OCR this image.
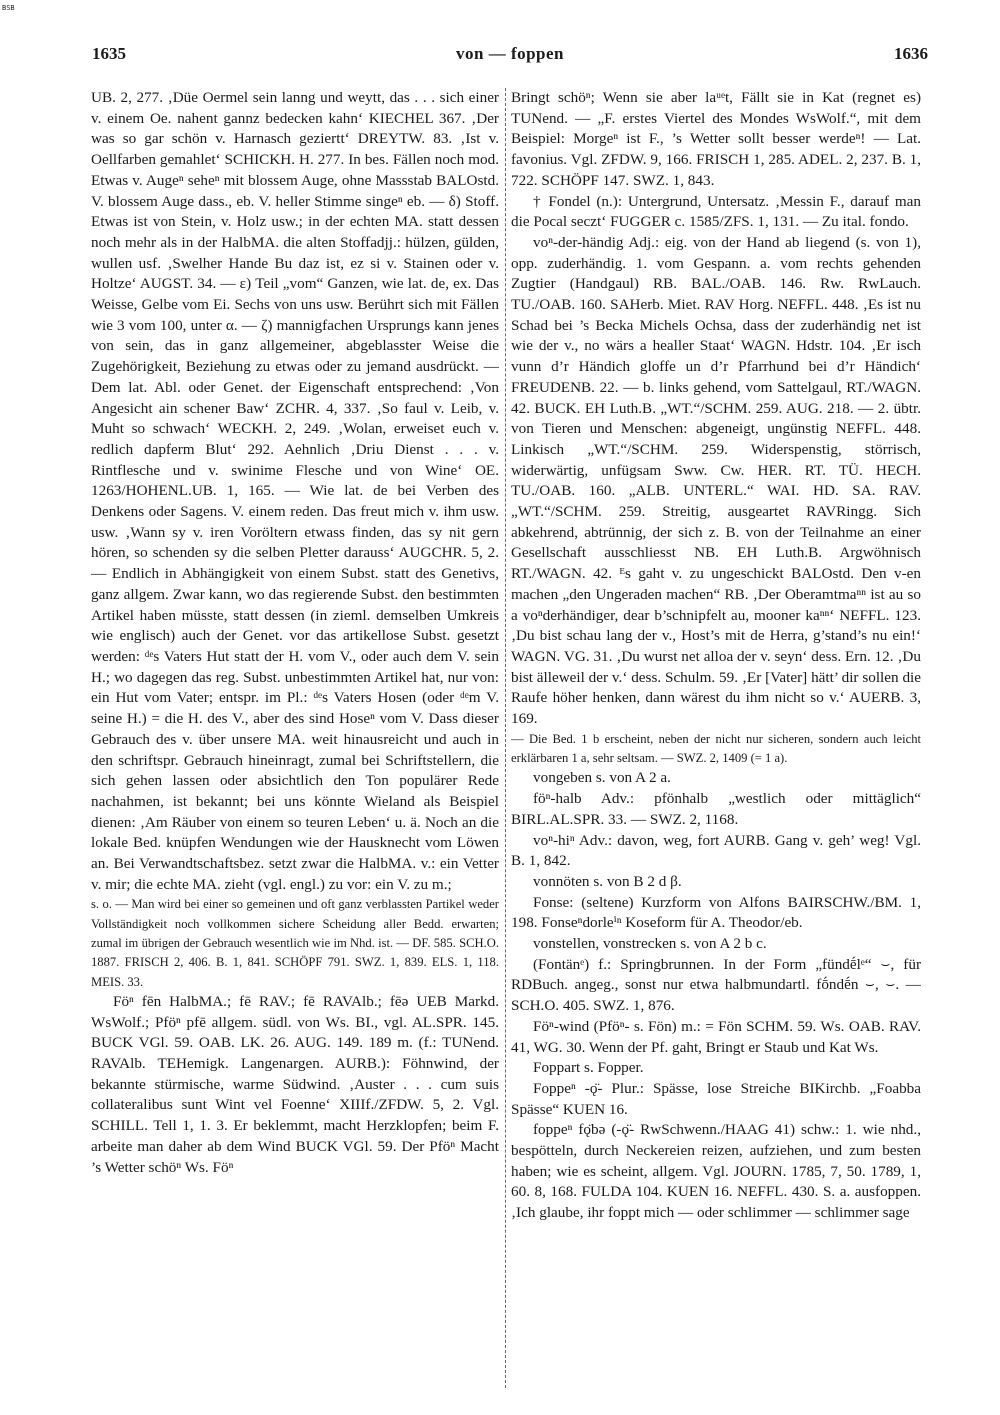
BSB
1635	von — foppen	1636

UB. 2, 277. ‚Düe Oermel sein lanng und weytt, das . . . sich einer v. einem Oe. nahent gannz bedecken kahn‘ KIECHEL 367. ‚Der was so gar schön v. Harnasch geziertt‘ DREYTW. 83. ‚Ist v. Oellfarben gemahlet‘ SCHICKH. H. 277. In bes. Fällen noch mod. Etwas v. Augeⁿ seheⁿ mit blossem Auge, ohne Massstab BALOstd. V. blossem Auge dass., eb. V. heller Stimme singeⁿ eb. — δ) Stoff. Etwas ist von Stein, v. Holz usw.; in der echten MA. statt dessen noch mehr als in der HalbMA. die alten Stoffadjj.: hülzen, gülden, wullen usf. ‚Swelher Hande Bu daz ist, ez si v. Stainen oder v. Holtze‘ AUGST. 34. — ε) Teil „vom“ Ganzen, wie lat. de, ex. Das Weisse, Gelbe vom Ei. Sechs von uns usw. Berührt sich mit Fällen wie 3 vom 100, unter α. — ζ) mannigfachen Ursprungs kann jenes von sein, das in ganz allgemeiner, abgeblasster Weise die Zugehörigkeit, Beziehung zu etwas oder zu jemand ausdrückt. — Dem lat. Abl. oder Genet. der Eigenschaft entsprechend: ‚Von Angesicht ain schener Baw‘ ZCHR. 4, 337. ‚So faul v. Leib, v. Muht so schwach‘ WECKH. 2, 249. ‚Wolan, erweiset euch v. redlich dapferm Blut‘ 292. Aehnlich ‚Driu Dienst . . . v. Rintflesche und v. swinime Flesche und von Wine‘ OE. 1263/HOHENL.UB. 1, 165. — Wie lat. de bei Verben des Denkens oder Sagens. V. einem reden. Das freut mich v. ihm usw. usw. ‚Wann sy v. iren Voröltern etwass finden, das sy nit gern hören, so schenden sy die selben Pletter darauss‘ AUGCHR. 5, 2. — Endlich in Abhängigkeit von einem Subst. statt des Genetivs, ganz allgem. Zwar kann, wo das regierende Subst. den bestimmten Artikel haben müsste, statt dessen (in zieml. demselben Umkreis wie englisch) auch der Genet. vor das artikellose Subst. gesetzt werden: ᵈᵉs Vaters Hut statt der H. vom V., oder auch dem V. sein H.; wo dagegen das reg. Subst. unbestimmten Artikel hat, nur von: ein Hut vom Vater; entspr. im Pl.: ᵈᵉs Vaters Hosen (oder ᵈᵉm V. seine H.) = die H. des V., aber des sind Hoseⁿ vom V. Dass dieser Gebrauch des v. über unsere MA. weit hinausreicht und auch in den schriftspr. Gebrauch hineinragt, zumal bei Schriftstellern, die sich gehen lassen oder absichtlich den Ton populärer Rede nachahmen, ist bekannt; bei uns könnte Wieland als Beispiel dienen: ‚Am Räuber von einem so teuren Leben‘ u. ä. Noch an die lokale Bed. knüpfen Wendungen wie der Hausknecht vom Löwen an. Bei Verwandtschaftsbez. setzt zwar die HalbMA. v.: ein Vetter v. mir; die echte MA. zieht (vgl. engl.) zu vor: ein V. zu m.;

s. o. — Man wird bei einer so gemeinen und oft ganz verblassten Partikel weder Vollständigkeit noch vollkommen sichere Scheidung aller Bedd. erwarten; zumal im übrigen der Gebrauch wesentlich wie im Nhd. ist. — DF. 585. SCH.O. 1887. FRISCH 2, 406. B. 1, 841. SCHÖPF 791. SWZ. 1, 839. ELS. 1, 118. MEIS. 33.

Föⁿ fēn HalbMA.; fē RAV.; fē RAVAlb.; fēə UEB Markd. WsWolf.; Pföⁿ pfē allgem. südl. von Ws. BI., vgl. AL.SPR. 145. BUCK VGl. 59. OAB. LK. 26. AUG. 149. 189 m. (f.: TUNend. RAVAlb. TEHemigk. Langenargen. AURB.): Föhnwind, der bekannte stürmische, warme Südwind. ‚Auster . . . cum suis collateralibus sunt Wint vel Foenne‘ XIIIf./ZFDW. 5, 2. Vgl. SCHILL. Tell 1, 1. 3. Er beklemmt, macht Herzklopfen; beim F. arbeite man daher ab dem Wind BUCK VGl. 59. Der Pföⁿ Macht ’s Wetter schöⁿ Ws. Föⁿ

Bringt schöⁿ; Wenn sie aber laᵘᵉt, Fällt sie in Kat (regnet es) TUNend. — „F. erstes Viertel des Mondes WsWolf.“, mit dem Beispiel: Morgeⁿ ist F., ’s Wetter sollt besser werdeⁿ! — Lat. favonius. Vgl. ZFDW. 9, 166. FRISCH 1, 285. ADEL. 2, 237. B. 1, 722. SCHÖPF 147. SWZ. 1, 843.

† Fondel (n.): Untergrund, Untersatz. ‚Messin F., darauf man die Pocal seczt‘ FUGGER c. 1585/ZFS. 1, 131. — Zu ital. fondo.

voⁿ-der-händig Adj.: eig. von der Hand ab liegend (s. von 1), opp. zuderhändig. 1. vom Gespann. a. vom rechts gehenden Zugtier (Handgaul) RB. BAL./OAB. 146. Rw. RwLauch. TU./OAB. 160. SAHerb. Miet. RAV Horg. NEFFL. 448. ‚Es ist nu Schad bei ’s Becka Michels Ochsa, dass der zuderhändig net ist wie der v., no wärs a healler Staat‘ WAGN. Hdstr. 104. ‚Er isch vunn d’r Händich gloffe un d’r Pfarrhund bei d’r Händich‘ FREUDENB. 22. — b. links gehend, vom Sattelgaul, RT./WAGN. 42. BUCK. EH Luth.B. „WT.“/SCHM. 259. AUG. 218. — 2. übtr. von Tieren und Menschen: abgeneigt, ungünstig NEFFL. 448. Linkisch „WT.“/SCHM. 259. Widerspenstig, störrisch, widerwärtig, unfügsam Sww. Cw. HER. RT. TÜ. HECH. TU./OAB. 160. „ALB. UNTERL.“ WAI. HD. SA. RAV. „WT.“/SCHM. 259. Streitig, ausgeartet RAVRingg. Sich abkehrend, abtrünnig, der sich z. B. von der Teilnahme an einer Gesellschaft ausschliesst NB. EH Luth.B. Argwöhnisch RT./WAGN. 42. ᴱs gaht v. zu ungeschickt BALOstd. Den v-en machen „den Ungeraden machen“ RB. ‚Der Oberamtmaⁿⁿ ist au so a voⁿderhändiger, dear b’schnipfelt au, mooner kaⁿⁿ‘ NEFFL. 123. ‚Du bist schau lang der v., Host’s mit de Herra, g’stand’s nu ein!‘ WAGN. VG. 31. ‚Du wurst net alloa der v. seyn‘ dess. Ern. 12. ‚Du bist älleweil der v.‘ dess. Schulm. 59. ‚Er [Vater] hätt’ dir sollen die Raufe höher henken, dann wärest du ihm nicht so v.‘ AUERB. 3, 169.

— Die Bed. 1 b erscheint, neben der nicht nur sicheren, sondern auch leicht erklärbaren 1 a, sehr seltsam. — SWZ. 2, 1409 (= 1 a).

vongeben s. von A 2 a.

föⁿ-halb Adv.: pfönhalb „westlich oder mittäglich“ BIRL.AL.SPR. 33. — SWZ. 2, 1168.

voⁿ-hiⁿ Adv.: davon, weg, fort AURB. Gang v. geh’ weg! Vgl. B. 1, 842.

vonnöten s. von B 2 d β.

Fonse: (seltene) Kurzform von Alfons BAIRSCHW./BM. 1, 198. Fonseⁿdorleⁱⁿ Koseform für A. Theodor/eb.

vonstellen, vonstrecken s. von A 2 b c.

(Fontänᵉ) f.: Springbrunnen. In der Form „fündḗlᵉ“ ⌣, für RDBuch. angeg., sonst nur etwa halbmundartl. fṓndḗn ⌣, ⌣. — SCH.O. 405. SWZ. 1, 876.

Föⁿ-wind (Pföⁿ- s. Fön) m.: = Fön SCHM. 59. Ws. OAB. RAV. 41, WG. 30. Wenn der Pf. gaht, Bringt er Staub und Kat Ws.

Foppart s. Fopper.

Foppeⁿ -ǫ̈- Plur.: Spässe, lose Streiche BIKirchb. „Foabba Spässe“ KUEN 16.

foppeⁿ fǫ̈bə (-ǫ̈- RwSchwenn./HAAG 41) schw.: 1. wie nhd., bespötteln, durch Neckereien reizen, aufziehen, und zum besten haben; wie es scheint, allgem. Vgl. JOURN. 1785, 7, 50. 1789, 1, 60. 8, 168. FULDA 104. KUEN 16. NEFFL. 430. S. a. ausfoppen. ‚Ich glaube, ihr foppt mich — oder schlimmer — schlimmer sage
